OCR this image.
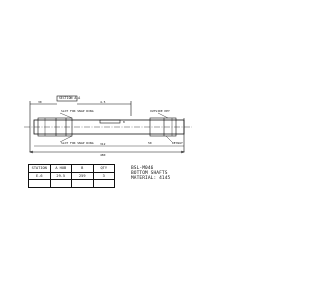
SECTION A-A
30	4.5
480
50
312
SLOT FOR SNAP RING
SLOT FOR SNAP RING
OUTSIDE KEY
KEYWAY
8
STATION	A HUB	B	QTY
E-6	29.5	259	3

BSL-M046
BOTTOM SHAFTS
MATERIAL: 4145
